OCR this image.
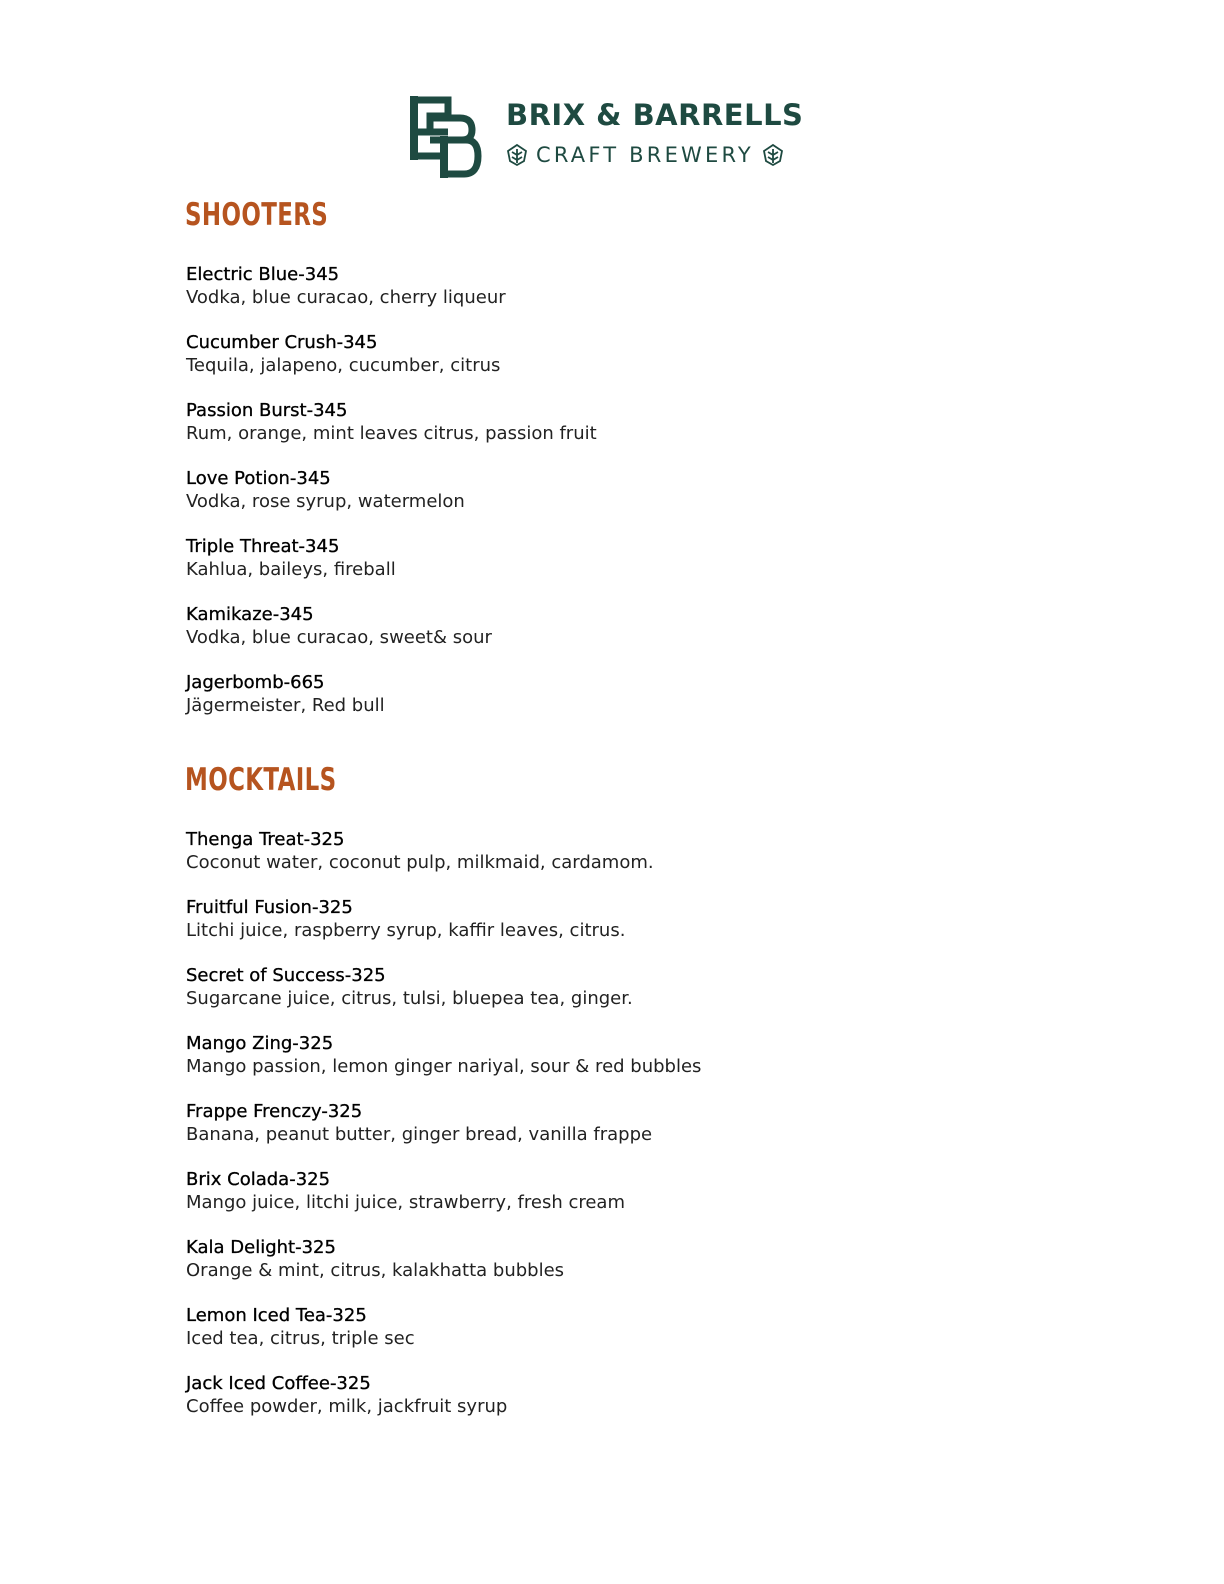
BRIX & BARRELLS
CRAFT BREWERY
SHOOTERS
Electric Blue-345
Vodka, blue curacao, cherry liqueur
Cucumber Crush-345
Tequila, jalapeno, cucumber, citrus
Passion Burst-345
Rum, orange, mint leaves citrus, passion fruit
Love Potion-345
Vodka, rose syrup, watermelon
Triple Threat-345
Kahlua, baileys, fireball
Kamikaze-345
Vodka, blue curacao, sweet& sour
Jagerbomb-665
Jägermeister, Red bull
MOCKTAILS
Thenga Treat-325
Coconut water, coconut pulp, milkmaid, cardamom.
Fruitful Fusion-325
Litchi juice, raspberry syrup, kaffir leaves, citrus.
Secret of Success-325
Sugarcane juice, citrus, tulsi, bluepea tea, ginger.
Mango Zing-325
Mango passion, lemon ginger nariyal, sour & red bubbles
Frappe Frenczy-325
Banana, peanut butter, ginger bread, vanilla frappe
Brix Colada-325
Mango juice, litchi juice, strawberry, fresh cream
Kala Delight-325
Orange & mint, citrus, kalakhatta bubbles
Lemon Iced Tea-325
Iced tea, citrus, triple sec
Jack Iced Coffee-325
Coffee powder, milk, jackfruit syrup
